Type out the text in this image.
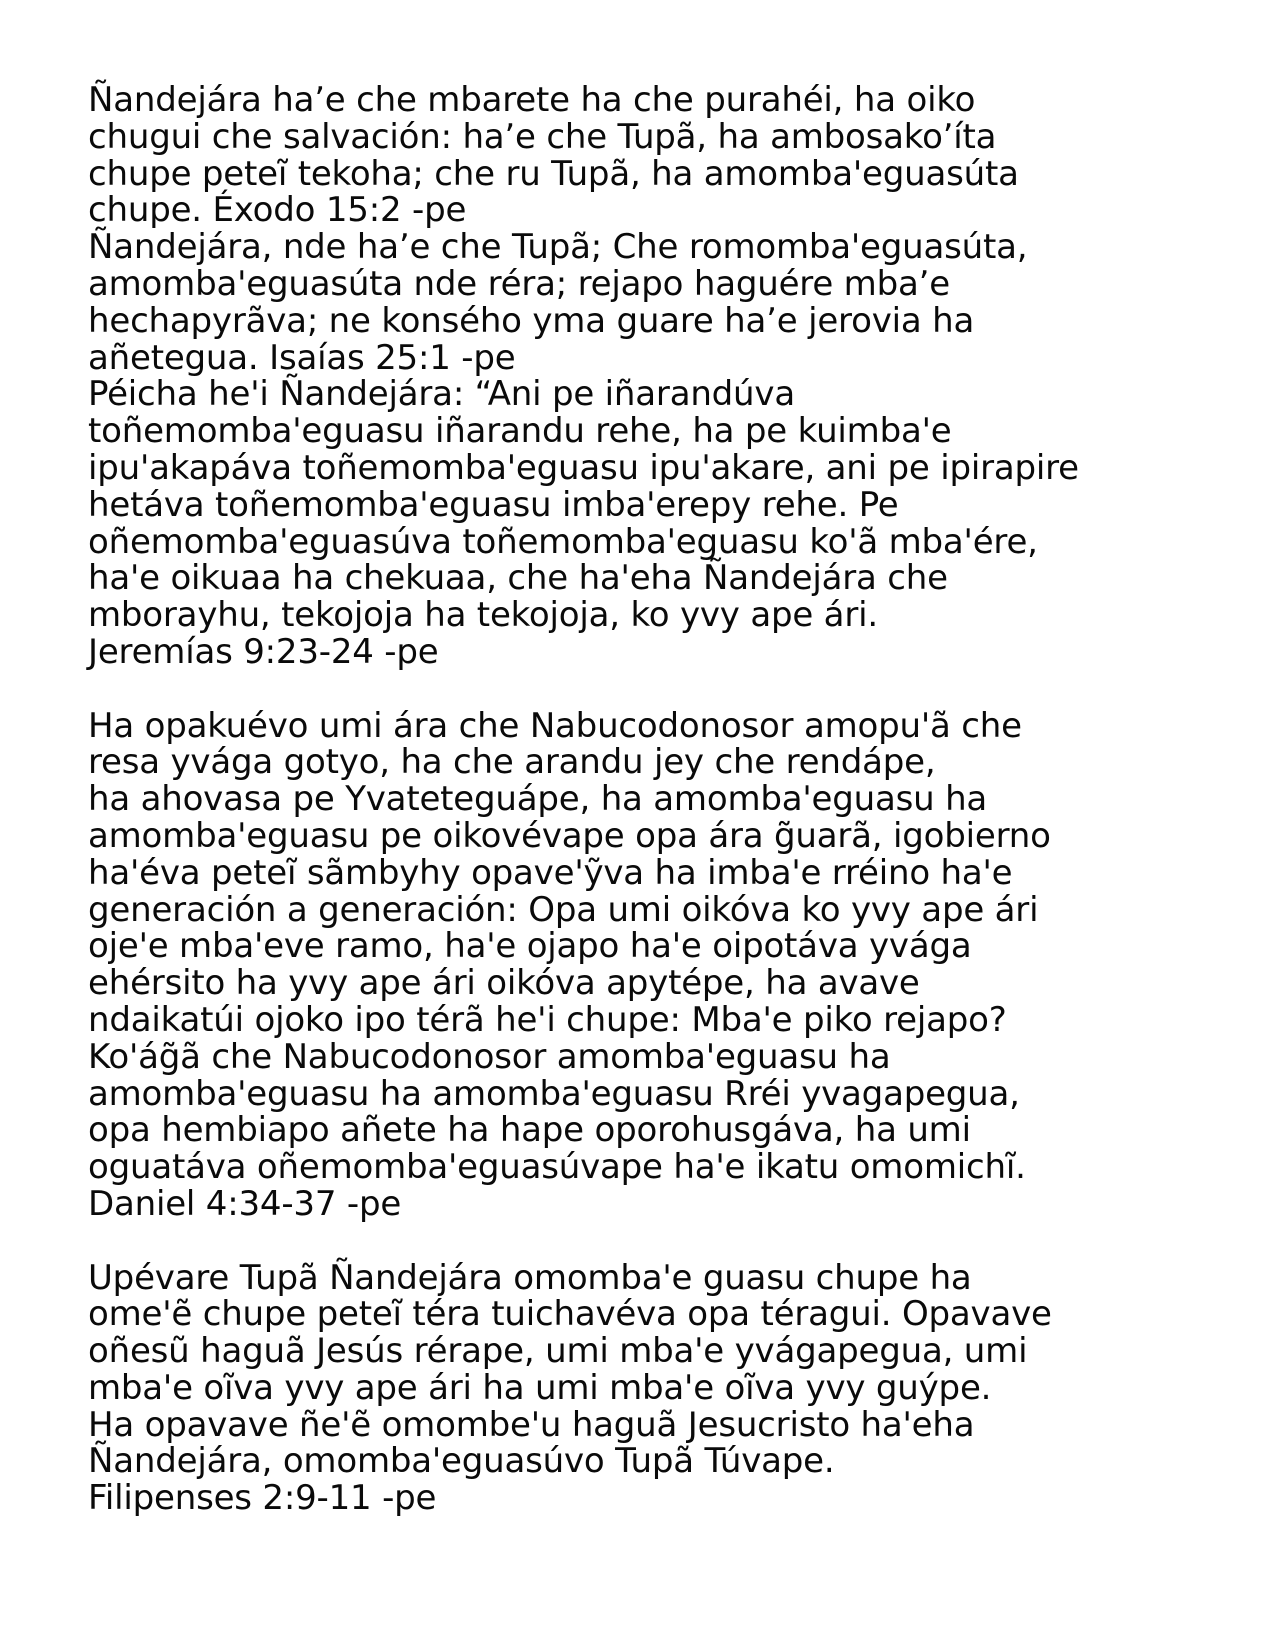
Ñandejára ha’e che mbarete ha che purahéi, ha oiko
chugui che salvación: ha’e che Tupã, ha ambosako’íta
chupe peteĩ tekoha; che ru Tupã, ha amomba'eguasúta
chupe. Éxodo 15:2 -pe
Ñandejára, nde ha’e che Tupã; Che romomba'eguasúta,
amomba'eguasúta nde réra; rejapo haguére mba’e
hechapyrãva; ne konsého yma guare ha’e jerovia ha
añetegua. Isaías 25:1 -pe
Péicha he'i Ñandejára: “Ani pe iñarandúva
toñemomba'eguasu iñarandu rehe, ha pe kuimba'e
ipu'akapáva toñemomba'eguasu ipu'akare, ani pe ipirapire
hetáva toñemomba'eguasu imba'erepy rehe. Pe
oñemomba'eguasúva toñemomba'eguasu ko'ã mba'ére,
ha'e oikuaa ha chekuaa, che ha'eha Ñandejára che
mborayhu, tekojoja ha tekojoja, ko yvy ape ári.
Jeremías 9:23-24 -pe

Ha opakuévo umi ára che Nabucodonosor amopu'ã che
resa yvága gotyo, ha che arandu jey che rendápe,
ha ahovasa pe Yvateteguápe, ha amomba'eguasu ha
amomba'eguasu pe oikovévape opa ára g̃uarã, igobierno
ha'éva peteĩ sãmbyhy opave'ỹva ha imba'e rréino ha'e
generación a generación: Opa umi oikóva ko yvy ape ári
oje'e mba'eve ramo, ha'e ojapo ha'e oipotáva yvága
ehérsito ha yvy ape ári oikóva apytépe, ha avave
ndaikatúi ojoko ipo térã he'i chupe: Mba'e piko rejapo?
Ko'ág̃ã che Nabucodonosor amomba'eguasu ha
amomba'eguasu ha amomba'eguasu Rréi yvagapegua,
opa hembiapo añete ha hape oporohusgáva, ha umi
oguatáva oñemomba'eguasúvape ha'e ikatu omomichĩ.
Daniel 4:34-37 -pe

Upévare Tupã Ñandejára omomba'e guasu chupe ha
ome'ẽ chupe peteĩ téra tuichavéva opa téragui. Opavave
oñesũ haguã Jesús rérape, umi mba'e yvágapegua, umi
mba'e oĩva yvy ape ári ha umi mba'e oĩva yvy guýpe.
Ha opavave ñe'ẽ omombe'u haguã Jesucristo ha'eha
Ñandejára, omomba'eguasúvo Tupã Túvape.
Filipenses 2:9-11 -pe
